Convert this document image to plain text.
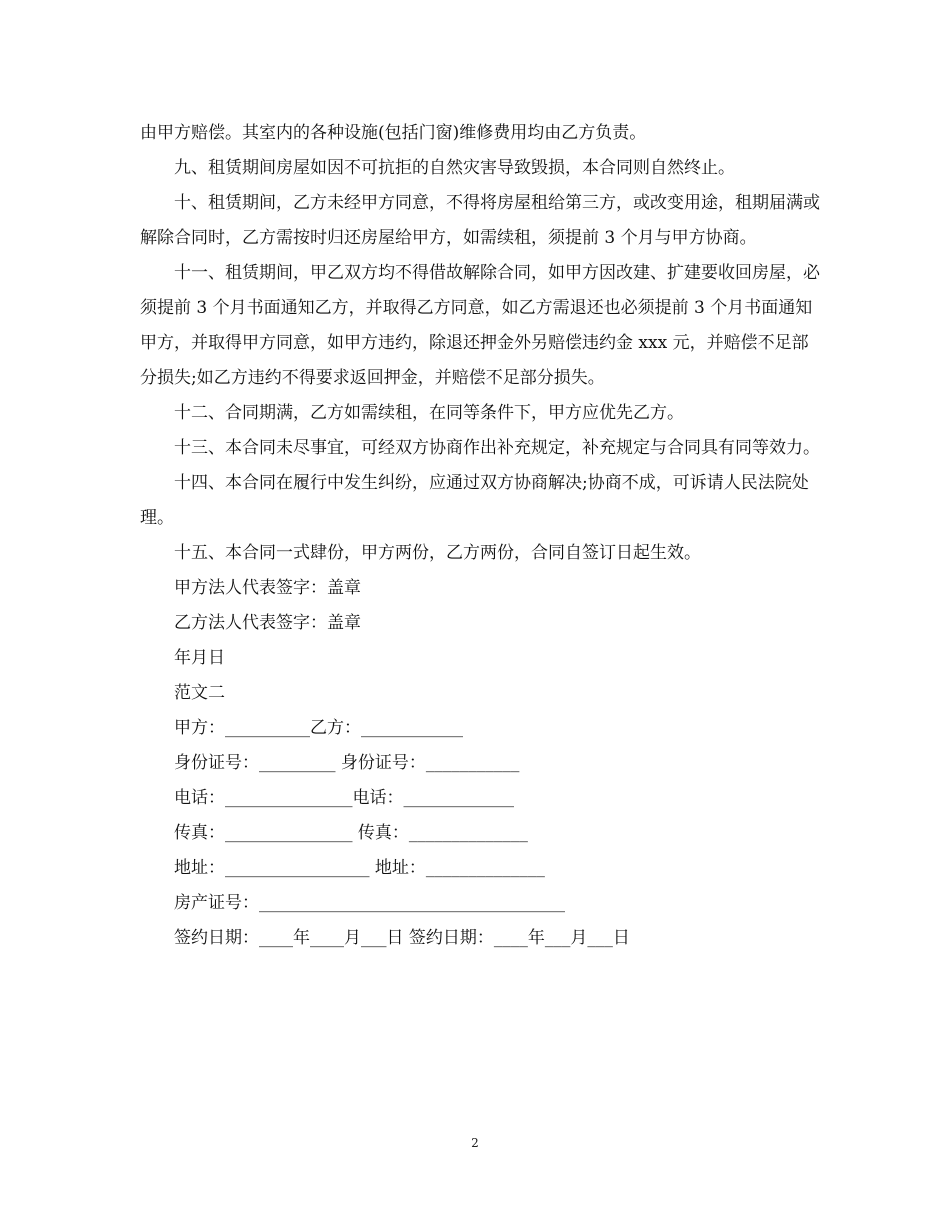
由甲方赔偿。其室内的各种设施(包括门窗)维修费用均由乙方负责。

九、租赁期间房屋如因不可抗拒的自然灾害导致毁损，本合同则自然终止。

十、租赁期间，乙方未经甲方同意，不得将房屋租给第三方，或改变用途，租期届满或解除合同时，乙方需按时归还房屋给甲方，如需续租，须提前 3 个月与甲方协商。

十一、租赁期间，甲乙双方均不得借故解除合同，如甲方因改建、扩建要收回房屋，必须提前 3 个月书面通知乙方，并取得乙方同意，如乙方需退还也必须提前 3 个月书面通知甲方，并取得甲方同意，如甲方违约，除退还押金外另赔偿违约金 xxx 元，并赔偿不足部分损失;如乙方违约不得要求返回押金，并赔偿不足部分损失。

十二、合同期满，乙方如需续租，在同等条件下，甲方应优先乙方。

十三、本合同未尽事宜，可经双方协商作出补充规定，补充规定与合同具有同等效力。

十四、本合同在履行中发生纠纷，应通过双方协商解决;协商不成，可诉请人民法院处理。

十五、本合同一式肆份，甲方两份，乙方两份，合同自签订日起生效。

甲方法人代表签字：盖章

乙方法人代表签字：盖章

年月日

范文二

甲方：__________乙方：____________

身份证号：_________ 身份证号：___________

电话：_______________电话：_____________

传真：_______________ 传真：______________

地址：_________________ 地址：______________

房产证号：____________________________________

签约日期：____年____月___日 签约日期：____年___月___日

2
